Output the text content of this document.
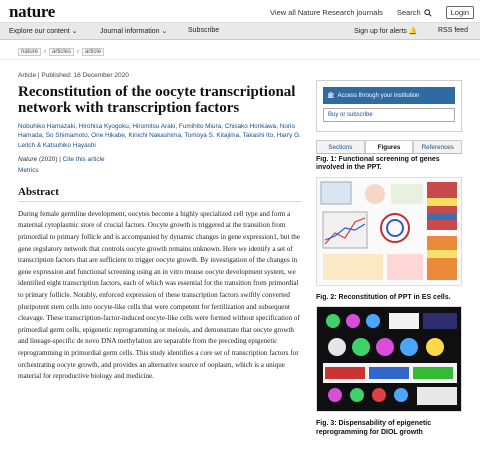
nature	View all Nature Research journals Search	Login
Explore our content ⌄	Journal information ⌄	Subscribe	Sign up for alerts 🔔	RSS feed
nature	›	articles	›	article
Article | Published: 16 December 2020
Reconstitution of the oocyte transcriptional network with transcription factors
Nobuhiko Hamazaki, Hirohisa Kyogoku, Hiromitsu Araki, Fumihito Miura, Chisako Horikawa, Norio Hamada, So Shimamoto, Orie Hikabe, Kinichi Nakashima, Tomoya S. Kitajima, Takashi Ito, Harry G. Leitch & Katsuhiko Hayashi
Nature (2020) | Cite this article
Metrics
Abstract
During female germline development, oocytes become a highly specialized cell type and form a maternal cytoplasmic store of crucial factors. Oocyte growth is triggered at the transition from primordial to primary follicle and is accompanied by dynamic changes in gene expression1, but the gene regulatory network that controls oocyte growth remains unknown. Here we identify a set of transcription factors that are sufficient to trigger oocyte growth. By investigation of the changes in gene expression and functional screening using an in vitro mouse oocyte development system, we identified eight transcription factors, each of which was essential for the transition from primordial to primary follicle. Notably, enforced expression of these transcription factors swiftly converted pluripotent stem cells into oocyte-like cells that were competent for fertilization and subsequent cleavage. These transcription-factor-induced oocyte-like cells were formed without specification of primordial germ cells, epigenetic reprogramming or meiosis, and demonstrate that oocyte growth and lineage-specific de novo DNA methylation are separable from the preceding epigenetic reprogramming in primordial germ cells. This study identifies a core set of transcription factors for orchestrating oocyte growth, and provides an alternative source of ooplasm, which is a unique material for reproductive biology and medicine.
🏛 Access through your institution
Buy or subscribe
Sections	Figures	References
Fig. 1: Functional screening of genes involved in the PPT.
Fig. 2: Reconstitution of PPT in ES cells.
Fig. 3: Dispensability of epigenetic reprogramming for DIOL growth
